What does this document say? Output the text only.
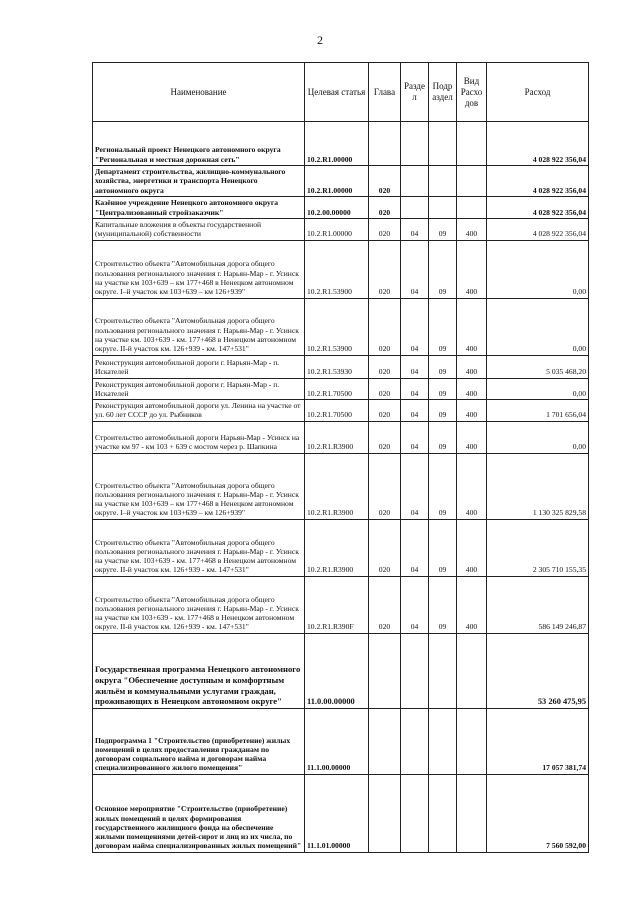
2
Наименование	Целевая статья	Глава	Разде л	Подр аздел	Вид Расхо дов	Расход
Региональный проект Ненецкого автономного округа "Региональная и местная дорожная сеть"	10.2.R1.00000					4 028 922 356,04
Департамент строительства, жилищно-коммунального хозяйства, энергетики и транспорта Ненецкого автономного округа	10.2.R1.00000	020				4 028 922 356,04
Казённое учреждение Ненецкого автономного округа "Централизованный стройзаказчик"	10.2.00.00000	020				4 028 922 356,04
Капитальные вложения в объекты государственной (муниципальной) собственности	10.2.R1.00000	020	04	09	400	4 028 922 356,04
Строительство объекта "Автомобильная дорога общего пользования регионального значения г. Нарьян-Мар - г. Усинск на участке км 103+639 – км 177+468 в Ненецком автономном округе. I–й участок км 103+639 – км 126+939"	10.2.R1.53900	020	04	09	400	0,00
Строительство объекта "Автомобильная дорога общего пользования регионального значения г. Нарьян-Мар - г. Усинск на участке км. 103+639 - км. 177+468 в Ненецком автономном округе. II-й участок км. 126+939 - км. 147+531"	10.2.R1.53900	020	04	09	400	0,00
Реконструкция автомобильной дороги г. Нарьян-Мар - п. Искателей	10.2.R1.53930	020	04	09	400	5 035 468,20
Реконструкция автомобильной дороги г. Нарьян-Мар - п. Искателей	10.2.R1.70500	020	04	09	400	0,00
Реконструкция автомобильной дороги ул. Ленина на участке от ул. 60 лет СССР до ул. Рыбников	10.2.R1.70500	020	04	09	400	1 701 656,04
Строительство автомобильной дороги Нарьян-Мар - Усинск на участке км 97 - км 103 + 639 с мостом через р. Шапкина	10.2.R1.R3900	020	04	09	400	0,00
Строительство объекта "Автомобильная дорога общего пользования регионального значения г. Нарьян-Мар - г. Усинск на участке км 103+639 – км 177+468 в Ненецком автономном округе. I–й участок км 103+639 – км 126+939"	10.2.R1.R3900	020	04	09	400	1 130 325 829,58
Строительство объекта "Автомобильная дорога общего пользования регионального значения г. Нарьян-Мар - г. Усинск на участке км. 103+639 - км. 177+468 в Ненецком автономном округе. II-й участок км. 126+939 - км. 147+531"	10.2.R1.R3900	020	04	09	400	2 305 710 155,35
Строительство объекта "Автомобильная дорога общего пользования регионального значения г. Нарьян-Мар - г. Усинск на участке км 103+639 - км. 177+468 в Ненецком автономном округе. II-й участок км. 126+939 - км. 147+531"	10.2.R1.R390F	020	04	09	400	586 149 246,87
Государственная программа Ненецкого автономного округа "Обеспечение доступным и комфортным жильём и коммунальными услугами граждан, проживающих в Ненецком автономном округе"	11.0.00.00000					53 260 475,95
Подпрограмма 1 "Строительство (приобретение) жилых помещений в целях предоставления гражданам по договорам социального найма и договорам найма специализированного жилого помещения"	11.1.00.00000					17 057 381,74
Основное мероприятие "Строительство (приобретение) жилых помещений в целях формирования государственного жилищного фонда на обеспечение жилыми помещениями детей-сирот и лиц из их числа, по договорам найма специализированных жилых помещений"	11.1.01.00000					7 560 592,00
